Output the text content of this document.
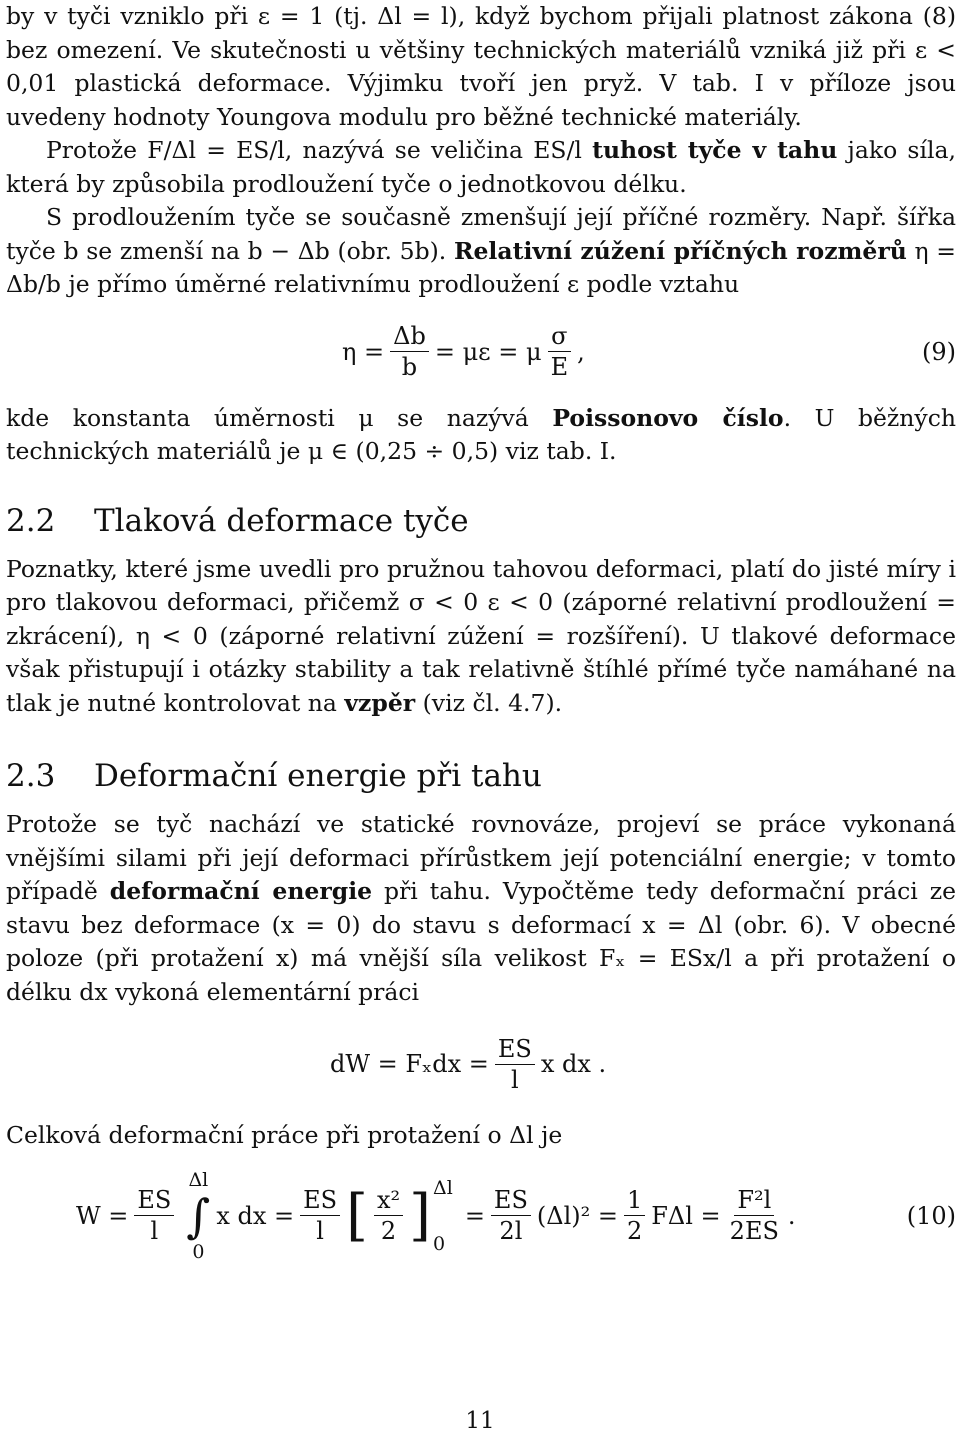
by v tyči vzniklo při ε = 1 (tj. Δl = l), když bychom přijali platnost zákona (8) bez omezení. Ve skutečnosti u většiny technických materiálů vzniká již při ε < 0,01 plastická deformace. Výjimku tvoří jen pryž. V tab. I v příloze jsou uvedeny hodnoty Youngova modulu pro běžné technické materiály.

Protože F/Δl = ES/l, nazývá se veličina ES/l tuhost tyče v tahu jako síla, která by způsobila prodloužení tyče o jednotkovou délku.

S prodloužením tyče se současně zmenšují její příčné rozměry. Např. šířka tyče b se zmenší na b − Δb (obr. 5b). Relativní zúžení příčných rozměrů η = Δb/b je přímo úměrné relativnímu prodloužení ε podle vztahu

$\eta = \frac{\Delta b}{b} = \mu\varepsilon = \mu \frac{\sigma}{E}$ ,	(9)

kde konstanta úměrnosti μ se nazývá Poissonovo číslo. U běžných technických materiálů je μ ∈ (0,25 ÷ 0,5) viz tab. I.

2.2 Tlaková deformace tyče

Poznatky, které jsme uvedli pro pružnou tahovou deformaci, platí do jisté míry i pro tlakovou deformaci, přičemž σ < 0 ε < 0 (záporné relativní prodloužení = zkrácení), η < 0 (záporné relativní zúžení = rozšíření). U tlakové deformace však přistupují i otázky stability a tak relativně štíhlé přímé tyče namáhané na tlak je nutné kontrolovat na vzpěr (viz čl. 4.7).

2.3 Deformační energie při tahu

Protože se tyč nachází ve statické rovnováze, projeví se práce vykonaná vnějšími silami při její deformaci přírůstkem její potenciální energie; v tomto případě deformační energie při tahu. Vypočtěme tedy deformační práci ze stavu bez deformace (x = 0) do stavu s deformací x = Δl (obr. 6). V obecné poloze (při protažení x) má vnější síla velikost Fₓ = ESx/l a při protažení o délku dx vykoná elementární práci

dW = $F_xdx = \frac{ES}{l}$ x dx .

Celková deformační práce při protažení o Δl je

$W = \frac{ES}{l}$
Δl
∫
0
x dx = $\frac{ES}{l}$ [ $\frac{\text{x²}}{2}$ ] Δl
0
= $\frac{ES}{2l} (\Delta l)^2 = \frac{1}{2}$ $F\Delta l = \frac{\text{F²l}}{2ES}$ .	(10)
11
